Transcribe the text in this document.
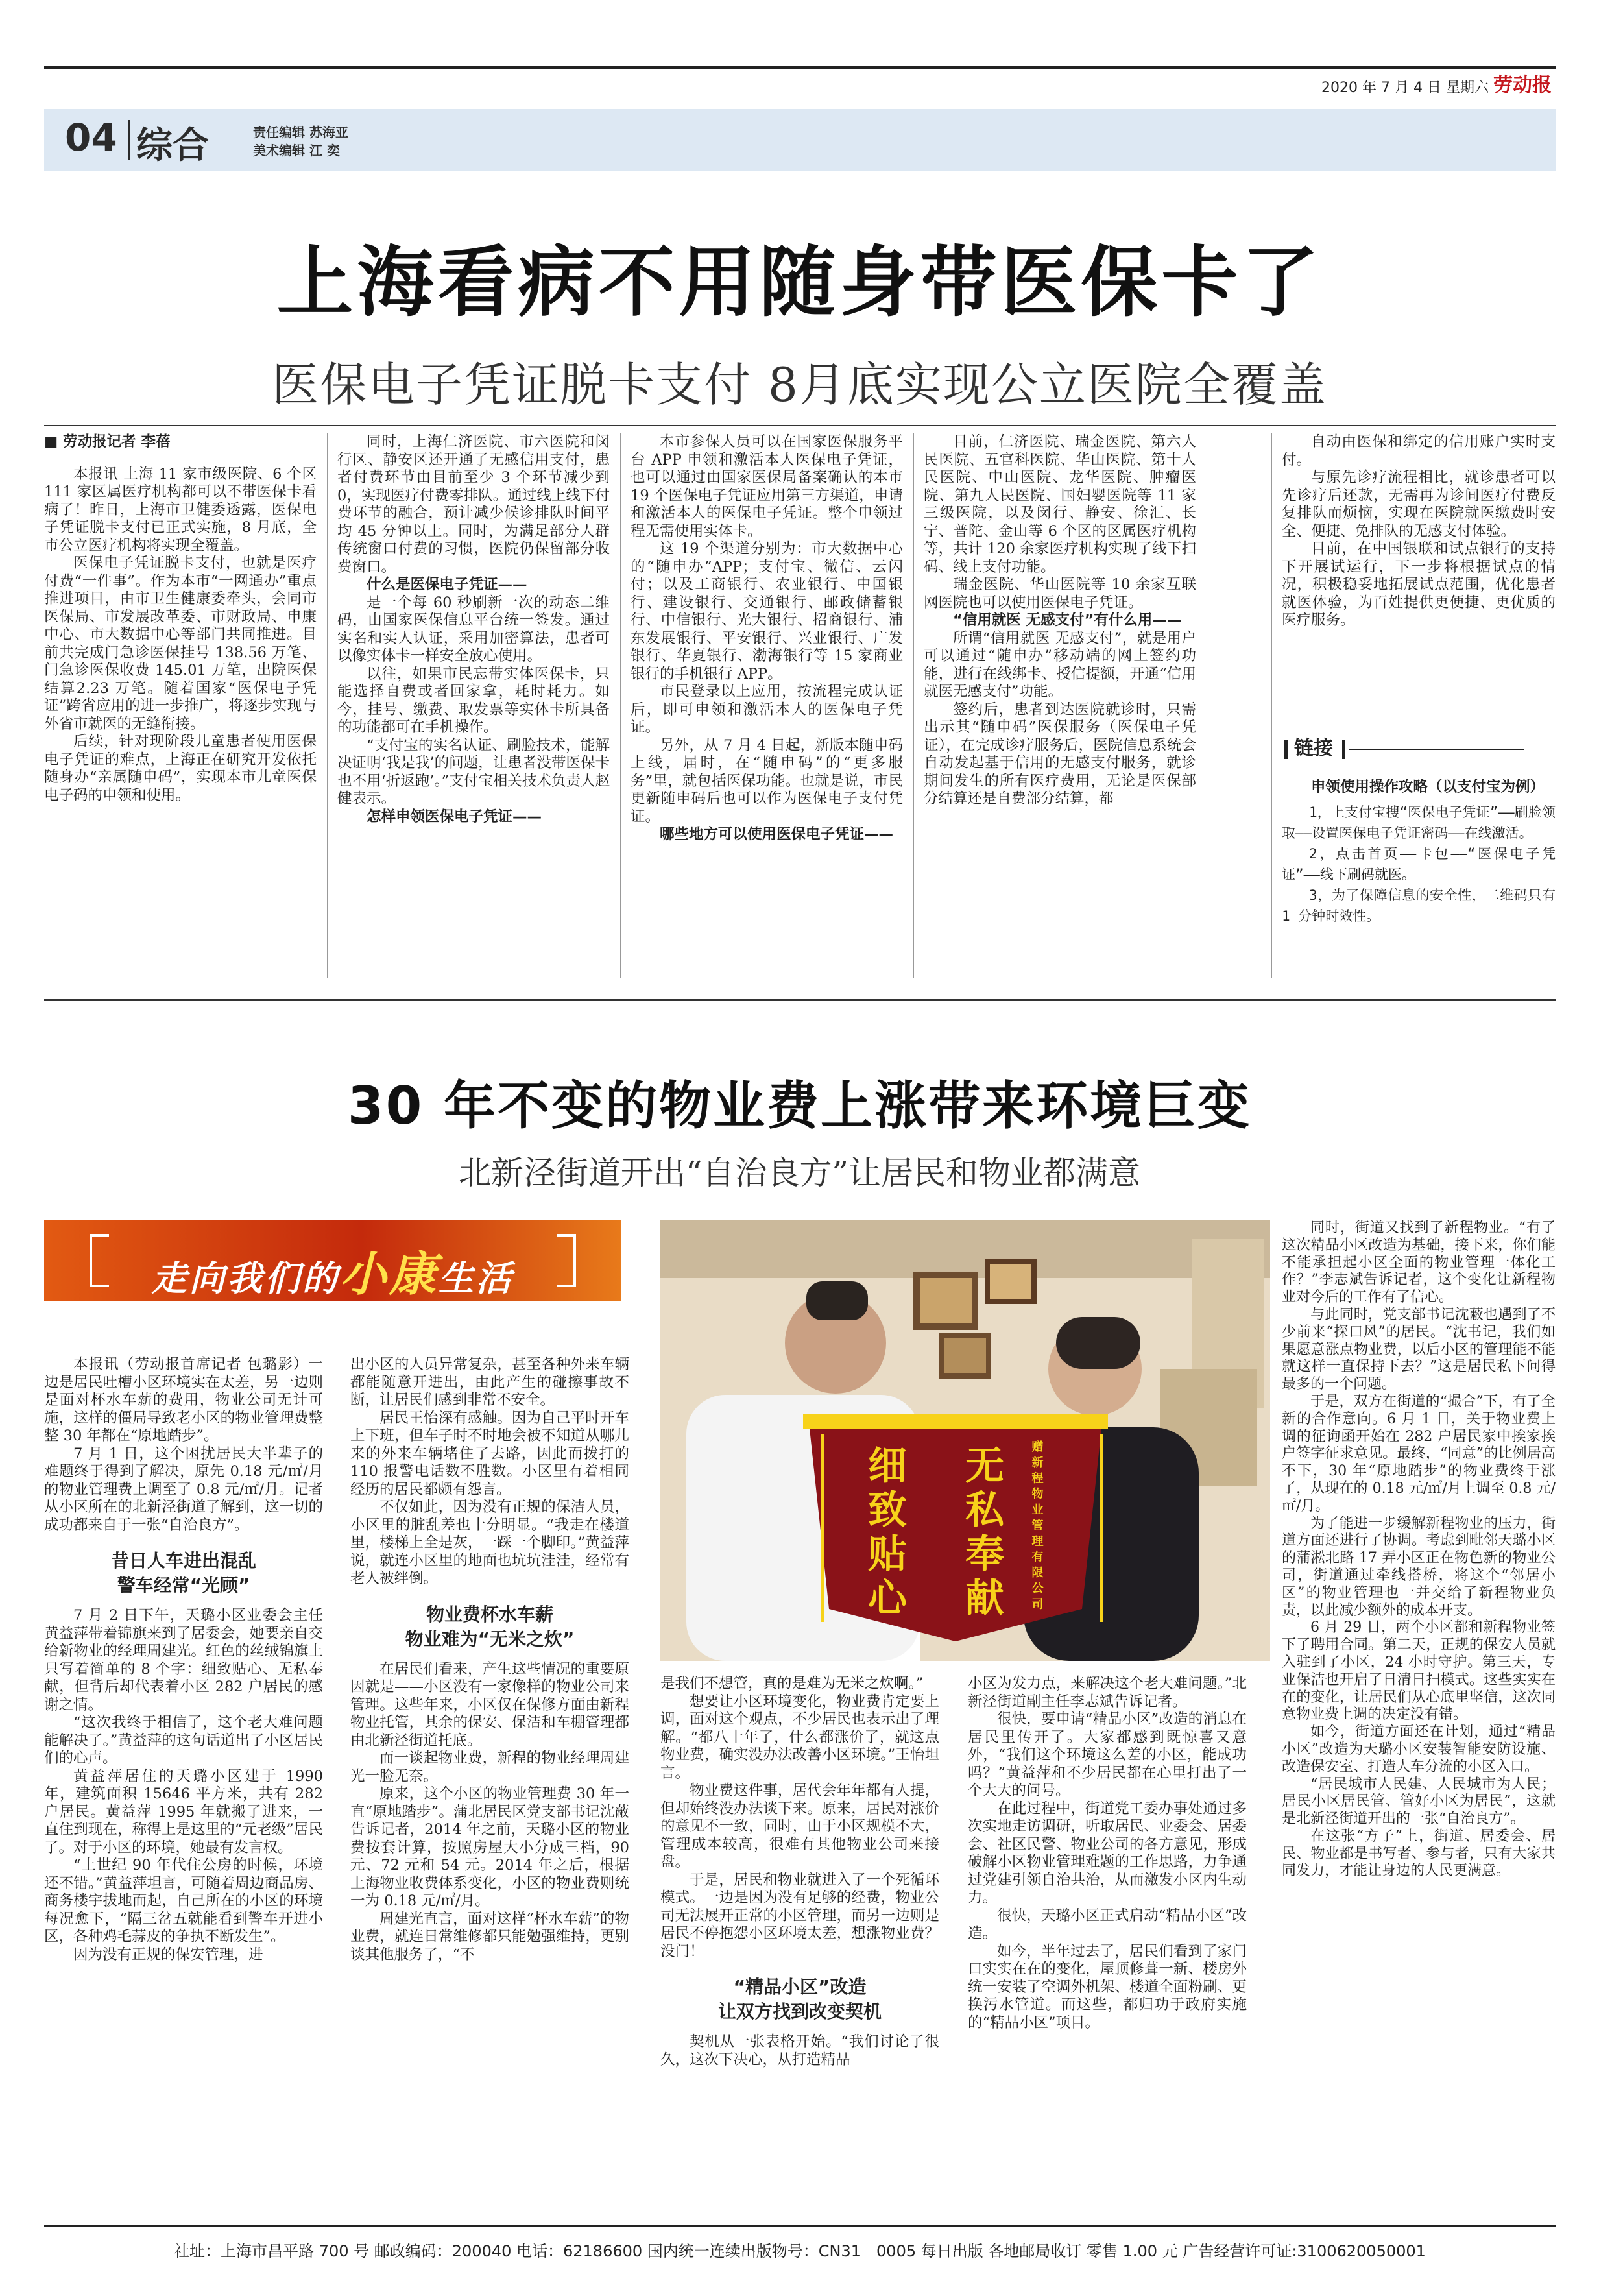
2020 年 7 月 4 日 星期六 劳动报
04 综合	责任编辑 苏海亚
美术编辑 江 奕
上海看病不用随身带医保卡了
医保电子凭证脱卡支付 8月底实现公立医院全覆盖

■ 劳动报记者 李蓓

本报讯 上海 11 家市级医院、6 个区 111 家区属医疗机构都可以不带医保卡看病了！昨日，上海市卫健委透露，医保电子凭证脱卡支付已正式实施，8 月底，全市公立医疗机构将实现全覆盖。

医保电子凭证脱卡支付，也就是医疗付费“一件事”。作为本市“一网通办”重点推进项目，由市卫生健康委牵头，会同市医保局、市发展改革委、市财政局、申康中心、市大数据中心等部门共同推进。目前共完成门急诊医保挂号 138.56 万笔、门急诊医保收费 145.01 万笔，出院医保结算2.23 万笔。随着国家“医保电子凭证”跨省应用的进一步推广，将逐步实现与外省市就医的无缝衔接。

后续，针对现阶段儿童患者使用医保电子凭证的难点，上海正在研究开发依托随身办“亲属随申码”，实现本市儿童医保电子码的申领和使用。

同时，上海仁济医院、市六医院和闵行区、静安区还开通了无感信用支付，患者付费环节由目前至少 3 个环节减少到 0，实现医疗付费零排队。通过线上线下付费环节的融合，预计减少候诊排队时间平均 45 分钟以上。同时，为满足部分人群传统窗口付费的习惯，医院仍保留部分收费窗口。

什么是医保电子凭证——

是一个每 60 秒刷新一次的动态二维码，由国家医保信息平台统一签发。通过实名和实人认证，采用加密算法，患者可以像实体卡一样安全放心使用。

以往，如果市民忘带实体医保卡，只能选择自费或者回家拿，耗时耗力。如今，挂号、缴费、取发票等实体卡所具备的功能都可在手机操作。

“支付宝的实名认证、刷脸技术，能解决证明‘我是我’的问题，让患者没带医保卡也不用‘折返跑’。”支付宝相关技术负责人赵健表示。

怎样申领医保电子凭证——

本市参保人员可以在国家医保服务平台 APP 申领和激活本人医保电子凭证，也可以通过由国家医保局备案确认的本市 19 个医保电子凭证应用第三方渠道，申请和激活本人的医保电子凭证。整个申领过程无需使用实体卡。

这 19 个渠道分别为：市大数据中心的“随申办”APP；支付宝、微信、云闪付；以及工商银行、农业银行、中国银行、建设银行、交通银行、邮政储蓄银行、中信银行、光大银行、招商银行、浦东发展银行、平安银行、兴业银行、广发银行、华夏银行、渤海银行等 15 家商业银行的手机银行 APP。

市民登录以上应用，按流程完成认证后，即可申领和激活本人的医保电子凭证。

另外，从 7 月 4 日起，新版本随申码上线，届时，在“随申码”的“更多服务”里，就包括医保功能。也就是说，市民更新随申码后也可以作为医保电子支付凭证。

哪些地方可以使用医保电子凭证——

目前，仁济医院、瑞金医院、第六人民医院、五官科医院、华山医院、第十人民医院、中山医院、龙华医院、肿瘤医院、第九人民医院、国妇婴医院等 11 家三级医院，以及闵行、静安、徐汇、长宁、普陀、金山等 6 个区的区属医疗机构等，共计 120 余家医疗机构实现了线下扫码、线上支付功能。

瑞金医院、华山医院等 10 余家互联网医院也可以使用医保电子凭证。

“信用就医 无感支付”有什么用——

所谓“信用就医 无感支付”，就是用户可以通过“随申办”移动端的网上签约功能，进行在线绑卡、授信提额，开通“信用就医无感支付”功能。

签约后，患者到达医院就诊时，只需出示其“随申码”医保服务（医保电子凭证），在完成诊疗服务后，医院信息系统会自动发起基于信用的无感支付服务，就诊期间发生的所有医疗费用，无论是医保部分结算还是自费部分结算，都

自动由医保和绑定的信用账户实时支付。

与原先诊疗流程相比，就诊患者可以先诊疗后还款，无需再为诊间医疗付费反复排队而烦恼，实现在医院就医缴费时安全、便捷、免排队的无感支付体验。

目前，在中国银联和试点银行的支持下开展试运行，下一步将根据试点的情况，积极稳妥地拓展试点范围，优化患者就医体验，为百姓提供更便捷、更优质的医疗服务。

链接

申领使用操作攻略（以支付宝为例）

1，上支付宝搜“医保电子凭证”——刷脸领取——设置医保电子凭证密码——在线激活。

2，点击首页——卡包——“医保电子凭证”——线下刷码就医。

3，为了保障信息的安全性，二维码只有 1 分钟时效性。

30 年不变的物业费上涨带来环境巨变
北新泾街道开出“自治良方”让居民和物业都满意
走向我们的小康生活
赠 新 程 物 业 管 理 有 限 公 司
无
私
奉
献
细
致
贴
心

本报讯（劳动报首席记者 包璐影）一边是居民吐槽小区环境实在太差，另一边则是面对杯水车薪的费用，物业公司无计可施，这样的僵局导致老小区的物业管理费整整 30 年都在“原地踏步”。

7 月 1 日，这个困扰居民大半辈子的难题终于得到了解决，原先 0.18 元/㎡/月的物业管理费上调至了 0.8 元/㎡/月。记者从小区所在的北新泾街道了解到，这一切的成功都来自于一张“自治良方”。

昔日人车进出混乱
警车经常“光顾”

7 月 2 日下午，天璐小区业委会主任黄益萍带着锦旗来到了居委会，她要亲自交给新物业的经理周建光。红色的丝绒锦旗上只写着简单的 8 个字：细致贴心、无私奉献，但背后却代表着小区 282 户居民的感谢之情。

“这次我终于相信了，这个老大难问题能解决了。”黄益萍的这句话道出了小区居民们的心声。

黄益萍居住的天璐小区建于 1990 年，建筑面积 15646 平方米，共有 282 户居民。黄益萍 1995 年就搬了进来，一直住到现在，称得上是这里的“元老级”居民了。对于小区的环境，她最有发言权。

“上世纪 90 年代住公房的时候，环境还不错。”黄益萍坦言，可随着周边商品房、商务楼宇拔地而起，自己所在的小区的环境每况愈下，“隔三岔五就能看到警车开进小区，各种鸡毛蒜皮的争执不断发生”。

因为没有正规的保安管理，进

出小区的人员异常复杂，甚至各种外来车辆都能随意开进出，由此产生的碰擦事故不断，让居民们感到非常不安全。

居民王怡深有感触。因为自己平时开车上下班，但车子时不时地会被不知道从哪儿来的外来车辆堵住了去路，因此而拨打的 110 报警电话数不胜数。小区里有着相同经历的居民都颇有怨言。

不仅如此，因为没有正规的保洁人员，小区里的脏乱差也十分明显。“我走在楼道里，楼梯上全是灰，一踩一个脚印。”黄益萍说，就连小区里的地面也坑坑洼洼，经常有老人被绊倒。

物业费杯水车薪
物业难为“无米之炊”

在居民们看来，产生这些情况的重要原因就是——小区没有一家像样的物业公司来管理。这些年来，小区仅在保修方面由新程物业托管，其余的保安、保洁和车棚管理都由北新泾街道托底。

而一谈起物业费，新程的物业经理周建光一脸无奈。

原来，这个小区的物业管理费 30 年一直“原地踏步”。蒲北居民区党支部书记沈蔽告诉记者，2014 年之前，天璐小区的物业费按套计算，按照房屋大小分成三档，90 元、72 元和 54 元。2014 年之后，根据上海物业收费体系变化，小区的物业费则统一为 0.18 元/㎡/月。

周建光直言，面对这样“杯水车薪”的物业费，就连日常维修都只能勉强维持，更别谈其他服务了，“不

是我们不想管，真的是难为无米之炊啊。”

想要让小区环境变化，物业费肯定要上调，面对这个观点，不少居民也表示出了理解。“都八十年了，什么都涨价了，就这点物业费，确实没办法改善小区环境。”王怡坦言。

物业费这件事，居代会年年都有人提，但却始终没办法谈下来。原来，居民对涨价的意见不一致，同时，由于小区规模不大，管理成本较高，很难有其他物业公司来接盘。

于是，居民和物业就进入了一个死循环模式。一边是因为没有足够的经费，物业公司无法展开正常的小区管理，而另一边则是居民不停抱怨小区环境太差，想涨物业费？没门！

“精品小区”改造
让双方找到改变契机

契机从一张表格开始。“我们讨论了很久，这次下决心，从打造精品

小区为发力点，来解决这个老大难问题。”北新泾街道副主任李志斌告诉记者。

很快，要申请“精品小区”改造的消息在居民里传开了。大家都感到既惊喜又意外，“我们这个环境这么差的小区，能成功吗？”黄益萍和不少居民都在心里打出了一个大大的问号。

在此过程中，街道党工委办事处通过多次实地走访调研，听取居民、业委会、居委会、社区民警、物业公司的各方意见，形成破解小区物业管理难题的工作思路，力争通过党建引领自治共治，从而激发小区内生动力。

很快，天璐小区正式启动“精品小区”改造。

如今，半年过去了，居民们看到了家门口实实在在的变化，屋顶修葺一新、楼房外统一安装了空调外机架、楼道全面粉刷、更换污水管道。而这些，都归功于政府实施的“精品小区”项目。

同时，街道又找到了新程物业。“有了这次精品小区改造为基础，接下来，你们能不能承担起小区全面的物业管理一体化工作？”李志斌告诉记者，这个变化让新程物业对今后的工作有了信心。

与此同时，党支部书记沈蔽也遇到了不少前来“探口风”的居民。“沈书记，我们如果愿意涨点物业费，以后小区的管理能不能就这样一直保持下去？”这是居民私下问得最多的一个问题。

于是，双方在街道的“撮合”下，有了全新的合作意向。6 月 1 日，关于物业费上调的征询函开始在 282 户居民家中挨家挨户签字征求意见。最终，“同意”的比例居高不下，30 年“原地踏步”的物业费终于涨了，从现在的 0.18 元/㎡/月上调至 0.8 元/㎡/月。

为了能进一步缓解新程物业的压力，街道方面还进行了协调。考虑到毗邻天璐小区的蒲淞北路 17 弄小区正在物色新的物业公司，街道通过牵线搭桥，将这个“邻居小区”的物业管理也一并交给了新程物业负责，以此减少额外的成本开支。

6 月 29 日，两个小区都和新程物业签下了聘用合同。第二天，正规的保安人员就入驻到了小区，24 小时守护。第三天，专业保洁也开启了日清日扫模式。这些实实在在的变化，让居民们从心底里坚信，这次同意物业费上调的决定没有错。

如今，街道方面还在计划，通过“精品小区”改造为天璐小区安装智能安防设施、改造保安室、打造人车分流的小区入口。

“居民城市人民建、人民城市为人民；居民小区居民管、管好小区为居民”，这就是北新泾街道开出的一张“自治良方”。

在这张“方子”上，街道、居委会、居民、物业都是书写者、参与者，只有大家共同发力，才能让身边的人民更满意。

社址：上海市昌平路 700 号 邮政编码：200040 电话：62186600 国内统一连续出版物号：CN31－0005 每日出版 各地邮局收订 零售 1.00 元 广告经营许可证:3100620050001
